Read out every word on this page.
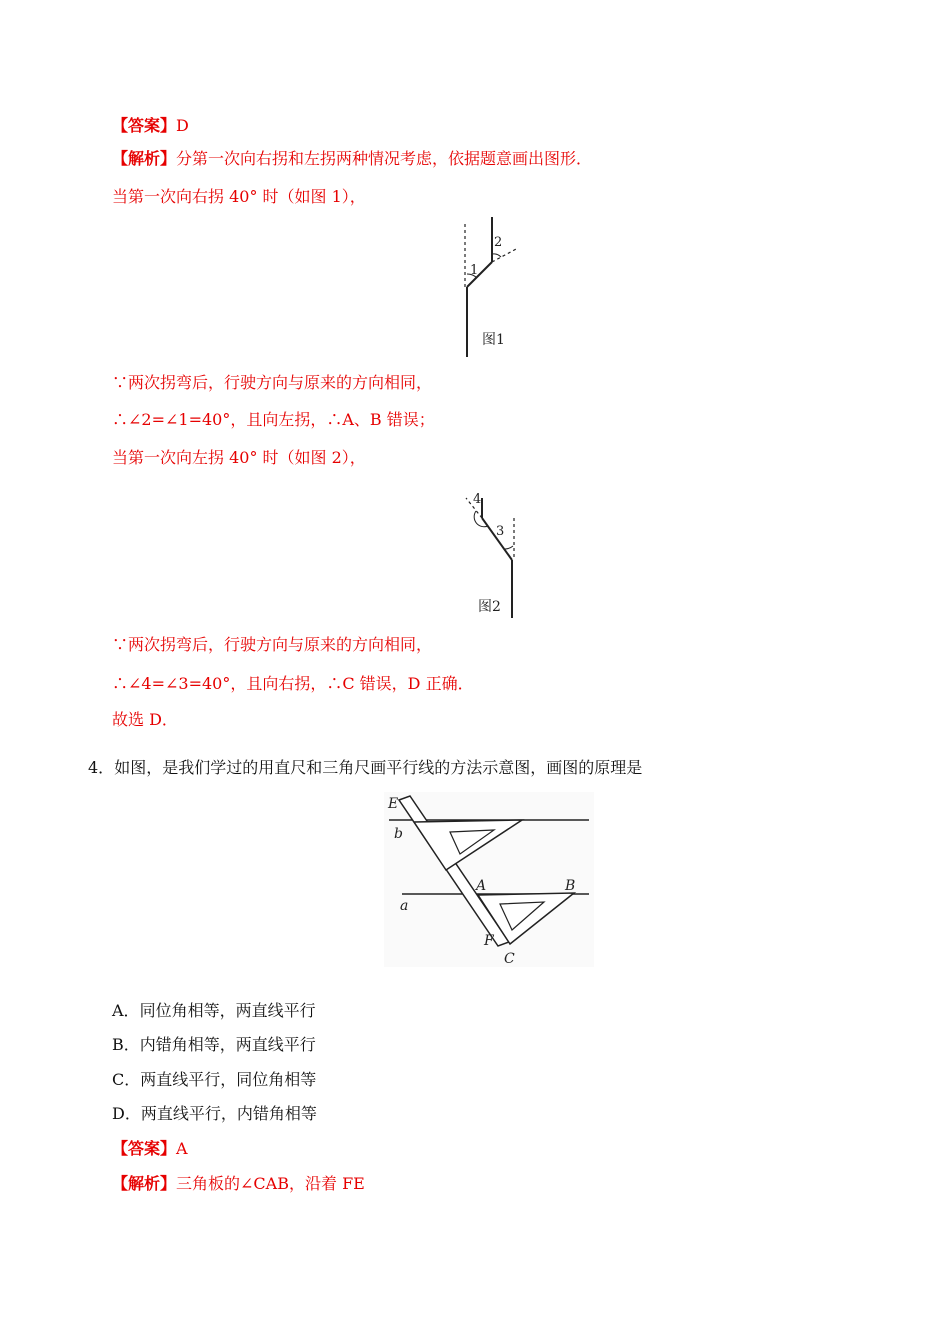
【答案】D
【解析】分第一次向右拐和左拐两种情况考虑，依据题意画出图形．
当第一次向右拐 40° 时（如图 1），
1
2
图1
∵两次拐弯后，行驶方向与原来的方向相同，
∴∠2=∠1=40°，且向左拐，∴A、B 错误；
当第一次向左拐 40° 时（如图 2），
4
3
图2
∵两次拐弯后，行驶方向与原来的方向相同，
∴∠4=∠3=40°，且向右拐，∴C 错误，D 正确．
故选 D．
4．如图，是我们学过的用直尺和三角尺画平行线的方法示意图，画图的原理是
E
b
A	B
a
F
C
A．同位角相等，两直线平行
B．内错角相等，两直线平行
C．两直线平行，同位角相等
D．两直线平行，内错角相等
【答案】A
【解析】三角板的∠CAB，沿着 FE
